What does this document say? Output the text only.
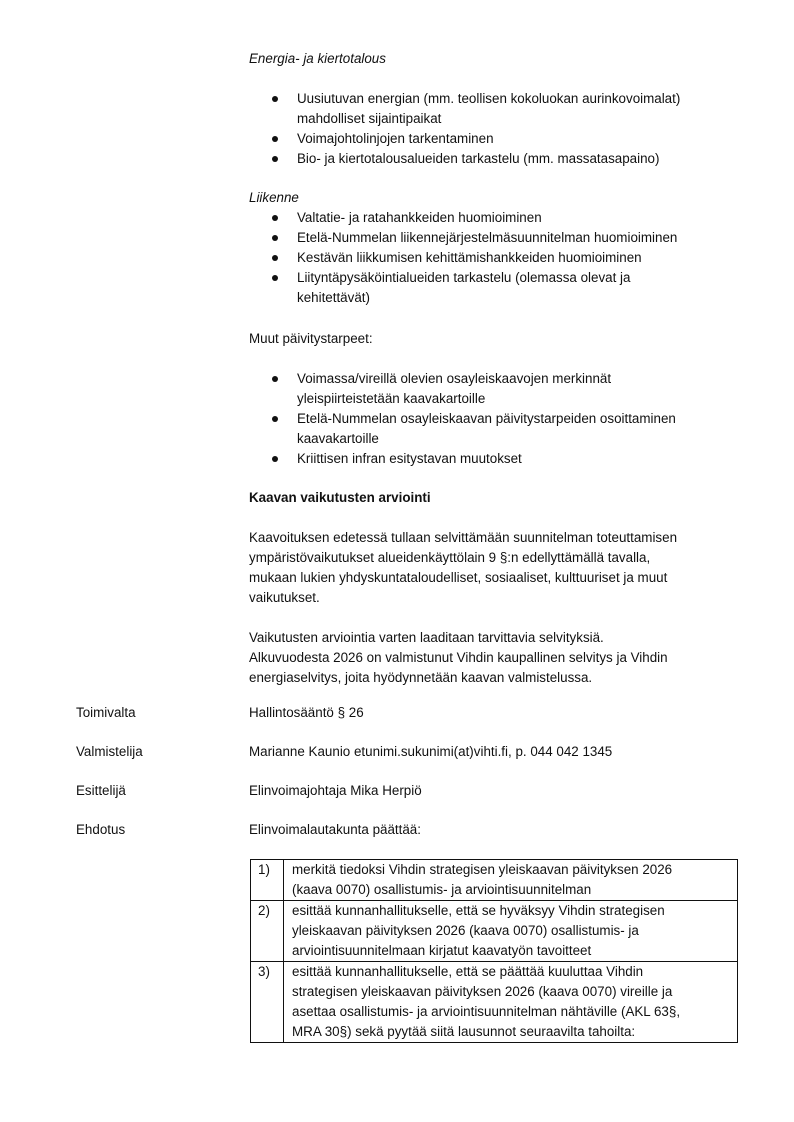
Energia- ja kiertotalous
Uusiutuvan energian (mm. teollisen kokoluokan aurinkovoimalat)
mahdolliset sijaintipaikat
Voimajohtolinjojen tarkentaminen
Bio- ja kiertotalousalueiden tarkastelu (mm. massatasapaino)
Liikenne
Valtatie- ja ratahankkeiden huomioiminen
Etelä-Nummelan liikennejärjestelmäsuunnitelman huomioiminen
Kestävän liikkumisen kehittämishankkeiden huomioiminen
Liityntäpysäköintialueiden tarkastelu (olemassa olevat ja
kehitettävät)
Muut päivitystarpeet:
Voimassa/vireillä olevien osayleiskaavojen merkinnät
yleispiirteistetään kaavakartoille
Etelä-Nummelan osayleiskaavan päivitystarpeiden osoittaminen
kaavakartoille
Kriittisen infran esitystavan muutokset
Kaavan vaikutusten arviointi
Kaavoituksen edetessä tullaan selvittämään suunnitelman toteuttamisen
ympäristövaikutukset alueidenkäyttölain 9 §:n edellyttämällä tavalla,
mukaan lukien yhdyskuntataloudelliset, sosiaaliset, kulttuuriset ja muut
vaikutukset.
Vaikutusten arviointia varten laaditaan tarvittavia selvityksiä.
Alkuvuodesta 2026 on valmistunut Vihdin kaupallinen selvitys ja Vihdin
energiaselvitys, joita hyödynnetään kaavan valmistelussa.
Toimivalta	Hallintosääntö § 26
Valmistelija	Marianne Kaunio etunimi.sukunimi(at)vihti.fi, p. 044 042 1345
Esittelijä	Elinvoimajohtaja Mika Herpiö
Ehdotus	Elinvoimalautakunta päättää:
1)	merkitä tiedoksi Vihdin strategisen yleiskaavan päivityksen 2026
(kaava 0070) osallistumis- ja arviointisuunnitelman

2)	esittää kunnanhallitukselle, että se hyväksyy Vihdin strategisen
yleiskaavan päivityksen 2026 (kaava 0070) osallistumis- ja
arviointisuunnitelmaan kirjatut kaavatyön tavoitteet

3)	esittää kunnanhallitukselle, että se päättää kuuluttaa Vihdin
strategisen yleiskaavan päivityksen 2026 (kaava 0070) vireille ja
asettaa osallistumis- ja arviointisuunnitelman nähtäville (AKL 63§,
MRA 30§) sekä pyytää siitä lausunnot seuraavilta tahoilta:
